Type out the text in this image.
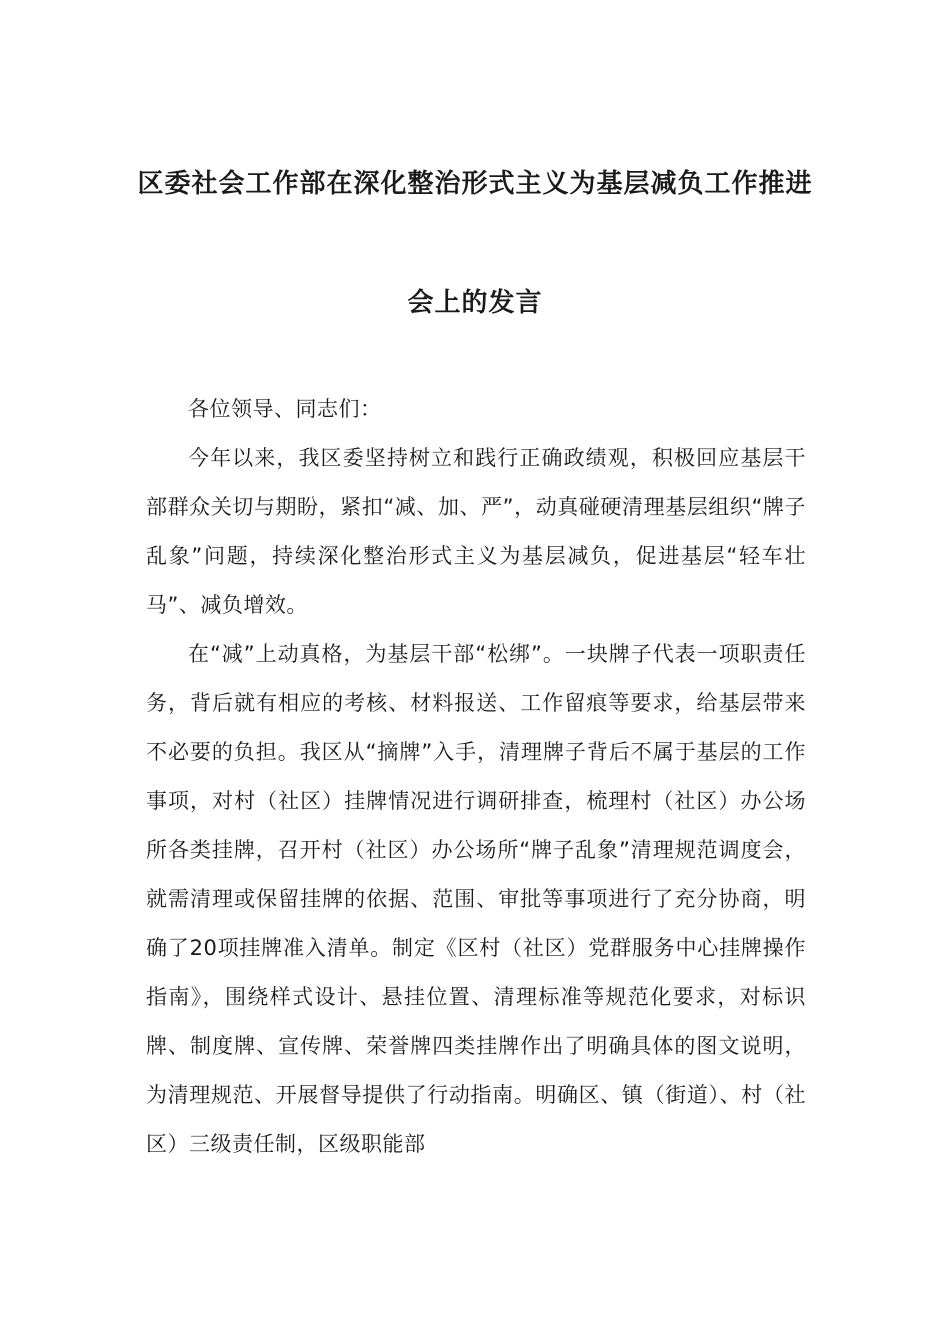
区委社会工作部在深化整治形式主义为基层减负工作推进
会上的发言

各位领导、同志们：

今年以来，我区委坚持树立和践行正确政绩观，积极回应基层干部群众关切与期盼，紧扣“减、加、严”，动真碰硬清理基层组织“牌子乱象”问题，持续深化整治形式主义为基层减负，促进基层“轻车壮马”、减负增效。

在“减”上动真格，为基层干部“松绑”。一块牌子代表一项职责任务，背后就有相应的考核、材料报送、工作留痕等要求，给基层带来不必要的负担。我区从“摘牌”入手，清理牌子背后不属于基层的工作事项，对村（社区）挂牌情况进行调研排查，梳理村（社区）办公场所各类挂牌，召开村（社区）办公场所“牌子乱象”清理规范调度会，就需清理或保留挂牌的依据、范围、审批等事项进行了充分协商，明确了20项挂牌准入清单。制定《区村（社区）党群服务中心挂牌操作指南》，围绕样式设计、悬挂位置、清理标准等规范化要求，对标识牌、制度牌、宣传牌、荣誉牌四类挂牌作出了明确具体的图文说明，为清理规范、开展督导提供了行动指南。明确区、镇（街道）、村（社区）三级责任制，区级职能部
